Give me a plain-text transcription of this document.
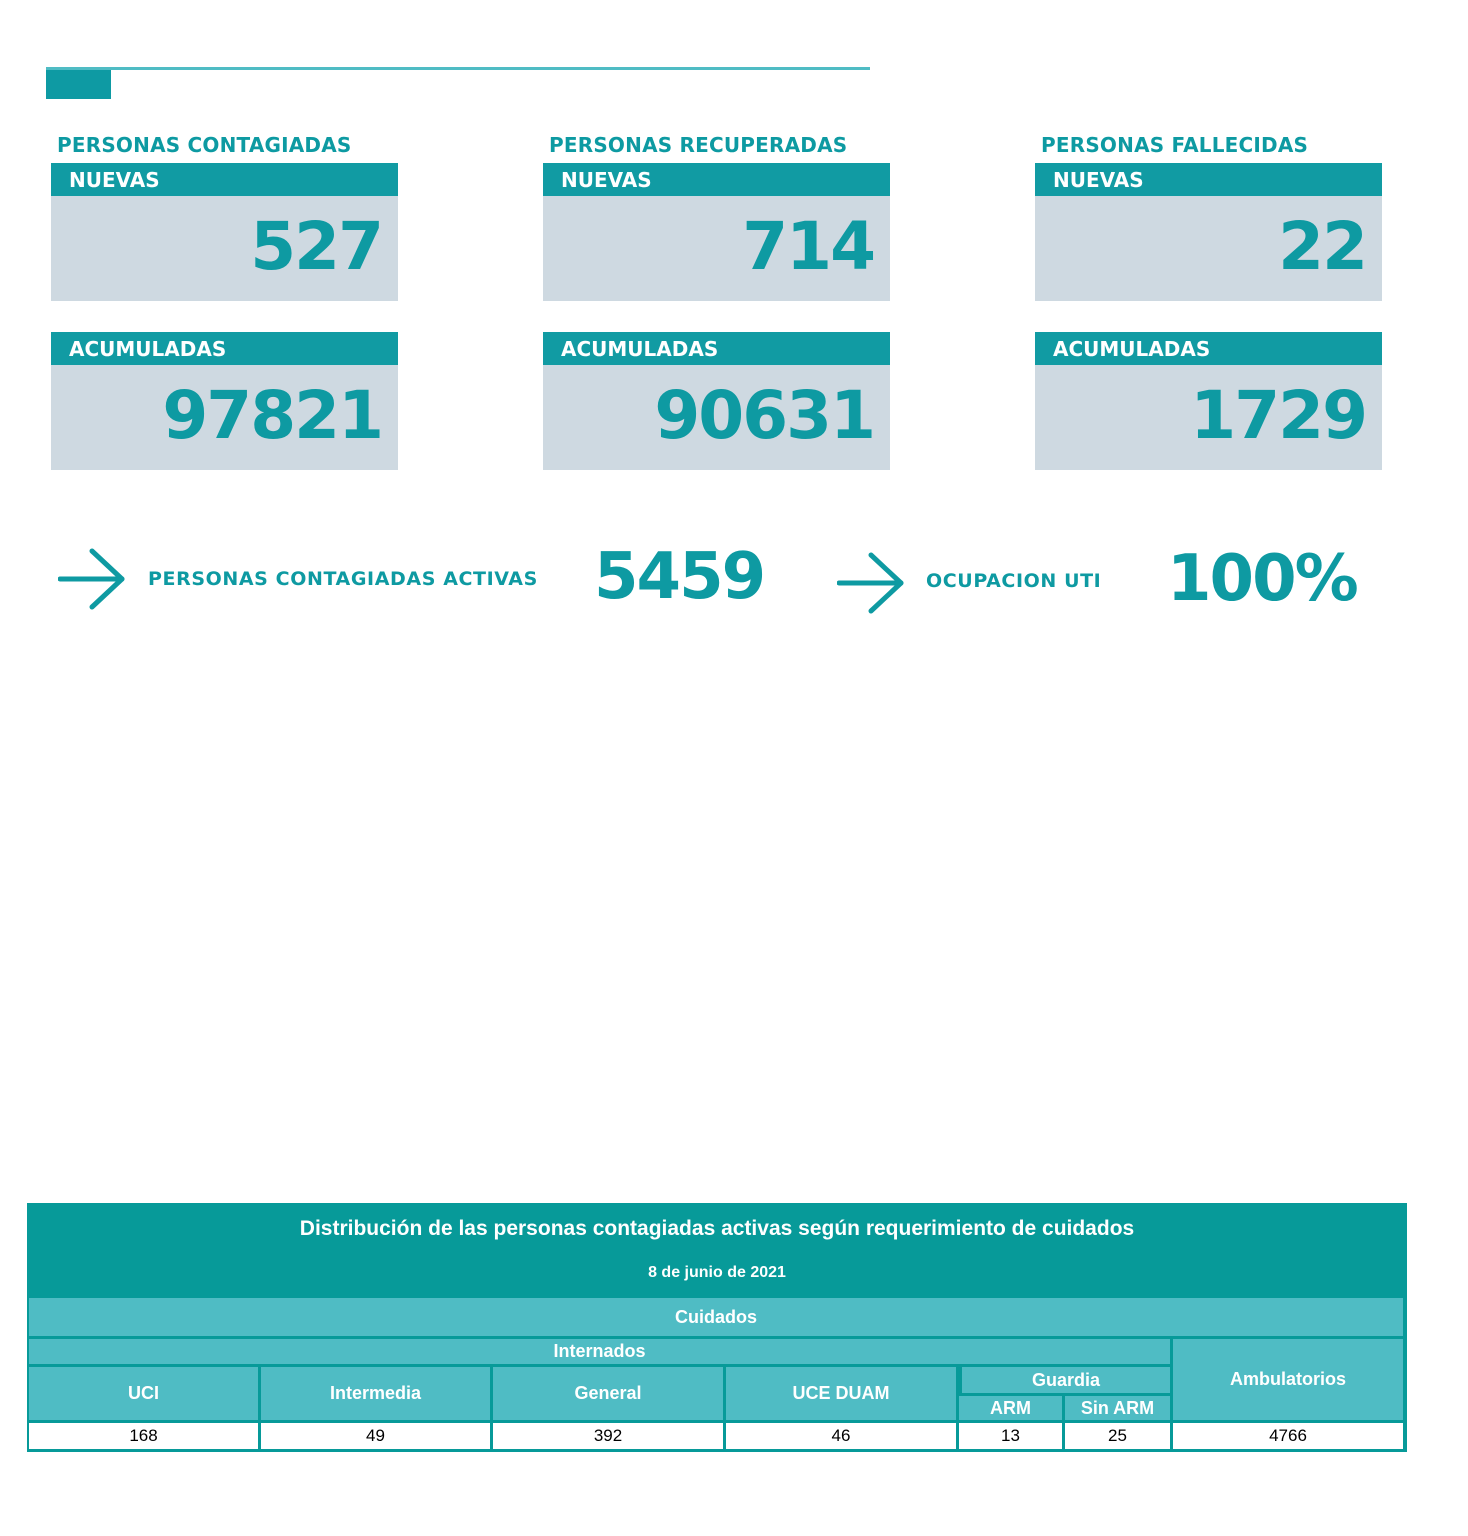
PERSONAS CONTAGIADAS
NUEVAS
527
ACUMULADAS
97821
PERSONAS RECUPERADAS
NUEVAS
714
ACUMULADAS
90631
PERSONAS FALLECIDAS
NUEVAS
22
ACUMULADAS
1729
PERSONAS CONTAGIADAS ACTIVAS 5459	OCUPACION UTI 100%
Distribución de las personas contagiadas activas según requerimiento de cuidados
8 de junio de 2021
Cuidados
Internados
UCI	Intermedia	General	UCE DUAM
Guardia
ARM	Sin ARM
Ambulatorios
168	49	392	46	13	25	4766
